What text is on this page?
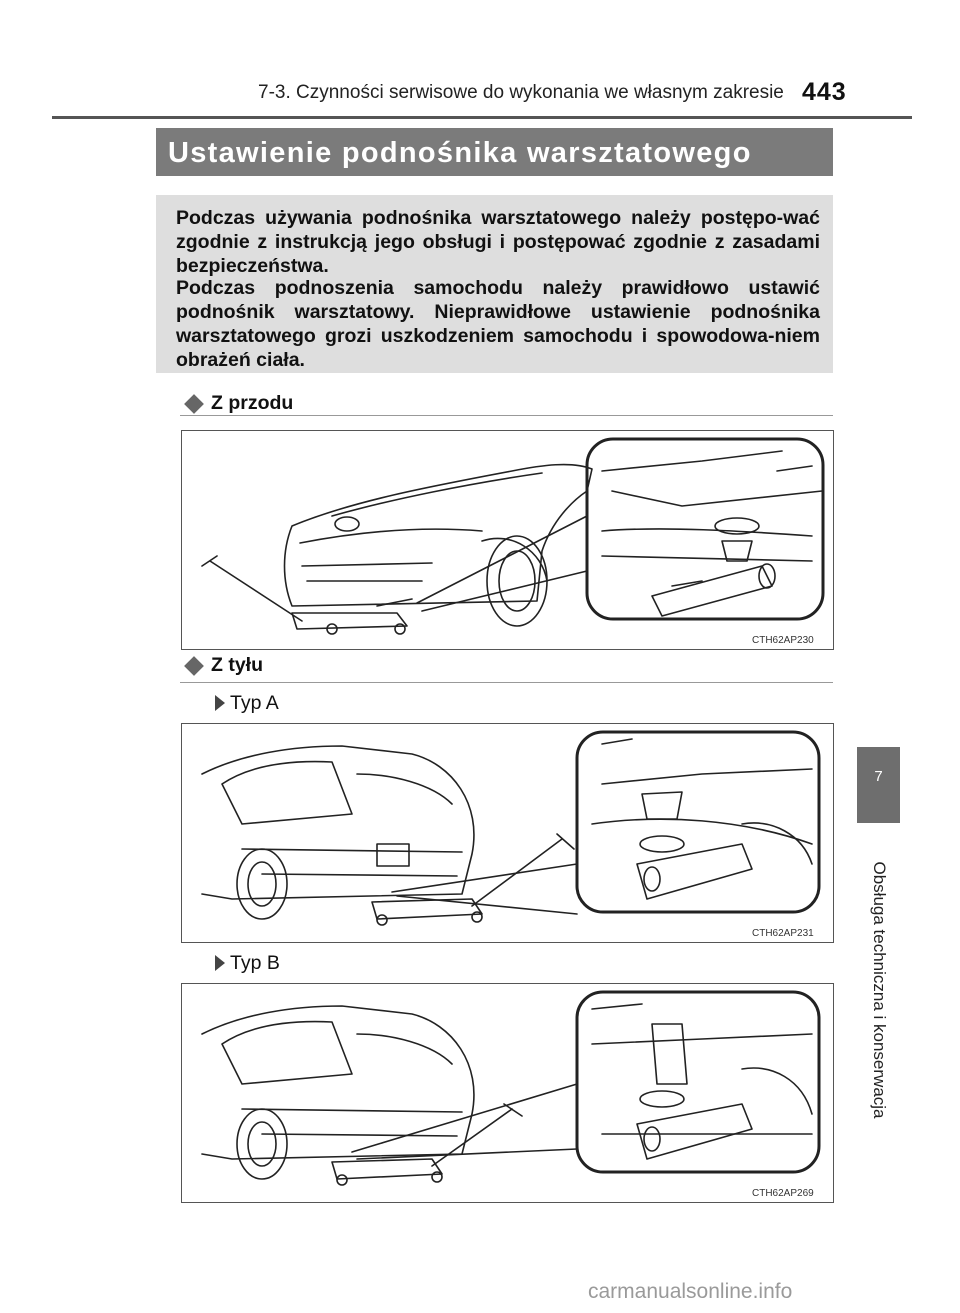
7-3. Czynności serwisowe do wykonania we własnym zakresie 443
Ustawienie podnośnika warsztatowego

Podczas używania podnośnika warsztatowego należy postępo-wać zgodnie z instrukcją jego obsługi i postępować zgodnie z zasadami bezpieczeństwa.

Podczas podnoszenia samochodu należy prawidłowo ustawić podnośnik warsztatowy. Nieprawidłowe ustawienie podnośnika warsztatowego grozi uszkodzeniem samochodu i spowodowa-niem obrażeń ciała.

Z przodu
CTH62AP230
Z tyłu
Typ A
CTH62AP231
Typ B
CTH62AP269
7
Obsługa techniczna i konserwacja
carmanualsonline.info
